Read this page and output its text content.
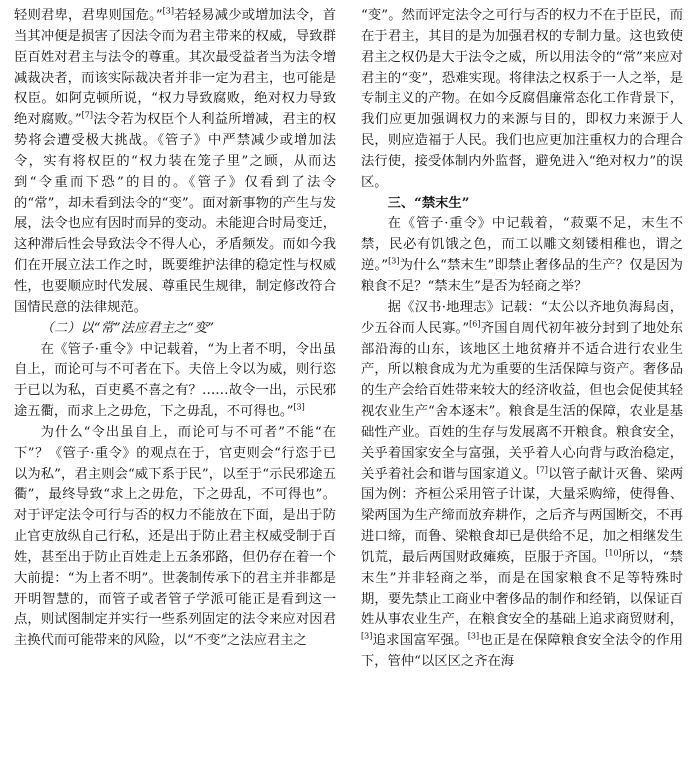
轻则君卑，君卑则国危。”[3]若轻易减少或增加法令，首当其冲便是损害了因法令而为君主带来的权威，导致群臣百姓对君主与法令的尊重。其次最受益者当为法令增减裁决者，而该实际裁决者并非一定为君主，也可能是权臣。如阿克顿所说，“权力导致腐败，绝对权力导致绝对腐败。”[7]法令若为权臣个人利益所增减，君主的权势将会遭受极大挑战。《管子》中严禁减少或增加法令，实有将权臣的“权力装在笼子里”之顾，从而达到“令重而下恐”的目的。《管子》仅看到了法令的“常”，却未看到法令的“变”。面对新事物的产生与发展，法令也应有因时而异的变动。未能迎合时局变迁，这种滞后性会导致法令不得人心，矛盾频发。而如今我们在开展立法工作之时，既要维护法律的稳定性与权威性，也要顺应时代发展、尊重民生规律，制定修改符合国情民意的法律规范。

（二）以“常”法应君主之“变”

在《管子·重令》中记载着，“为上者不明，令出虽自上，而论可与不可者在下。夫倍上令以为威，则行恣于已以为私，百吏奚不喜之有？……故令一出，示民邪途五衢，而求上之毋危，下之毋乱，不可得也。”[3]

为什么“令出虽自上，而论可与不可者”不能“在下”？《管子·重令》的观点在于，官吏则会“行恣于已以为私”，君主则会“威下系于民”，以至于“示民邪途五衢”，最终导致“求上之毋危，下之毋乱，不可得也”。对于评定法令可行与否的权力不能放在下面，是出于防止官吏放纵自己行私，还是出于防止君主权威受制于百姓，甚至出于防止百姓走上五条邪路，但仍存在着一个大前提：“为上者不明”。世袭制传承下的君主并非都是开明智慧的，而管子或者管子学派可能正是看到这一点，则试图制定并实行一些系列固定的法令来应对因君主换代而可能带来的风险，以“不变”之法应君主之

“变”。然而评定法令之可行与否的权力不在于臣民，而在于君主，其目的是为加强君权的专制力量。这也致使君主之权仍是大于法令之威，所以用法令的“常”来应对君主的“变”，恐难实现。将律法之权系于一人之举，是专制主义的产物。在如今反腐倡廉常态化工作背景下，我们应更加强调权力的来源与目的，即权力来源于人民，则应造福于人民。我们也应更加注重权力的合理合法行使，接受体制内外监督，避免进入“绝对权力”的误区。

三、“禁末生”

在《管子·重令》中记载着，“菽粟不足，末生不禁，民必有饥饿之色，而工以雕文刻镂相稚也，谓之逆。”[3]为什么“禁末生”即禁止奢侈品的生产？仅是因为粮食不足？“禁末生”是否为轻商之举？

据《汉书·地理志》记载：“太公以齐地负海舄卤，少五谷而人民寡。”[6]齐国自周代初年被分封到了地处东部沿海的山东，该地区土地贫瘠并不适合进行农业生产，所以粮食成为尤为重要的生活保障与资产。奢侈品的生产会给百姓带来较大的经济收益，但也会促使其轻视农业生产“舍本逐末”。粮食是生活的保障，农业是基础性产业。百姓的生存与发展离不开粮食。粮食安全，关乎着国家安全与富强，关乎着人心向背与政治稳定，关乎着社会和谐与国家道义。[7]以管子献计灭鲁、梁两国为例：齐桓公采用管子计谋，大量采购缔，使得鲁、梁两国为生产缔而放弃耕作，之后齐与两国断交，不再进口缔，而鲁、梁粮食却已是供给不足，加之相继发生饥荒，最后两国财政瘫痪，臣服于齐国。[10]所以，“禁末生”并非轻商之举，而是在国家粮食不足等特殊时期，要先禁止工商业中奢侈品的制作和经销，以保证百姓从事农业生产，在粮食安全的基础上追求商贸财利，[3]追求国富军强。[3]也正是在保障粮食安全法令的作用下，管仲“以区区之齐在海
